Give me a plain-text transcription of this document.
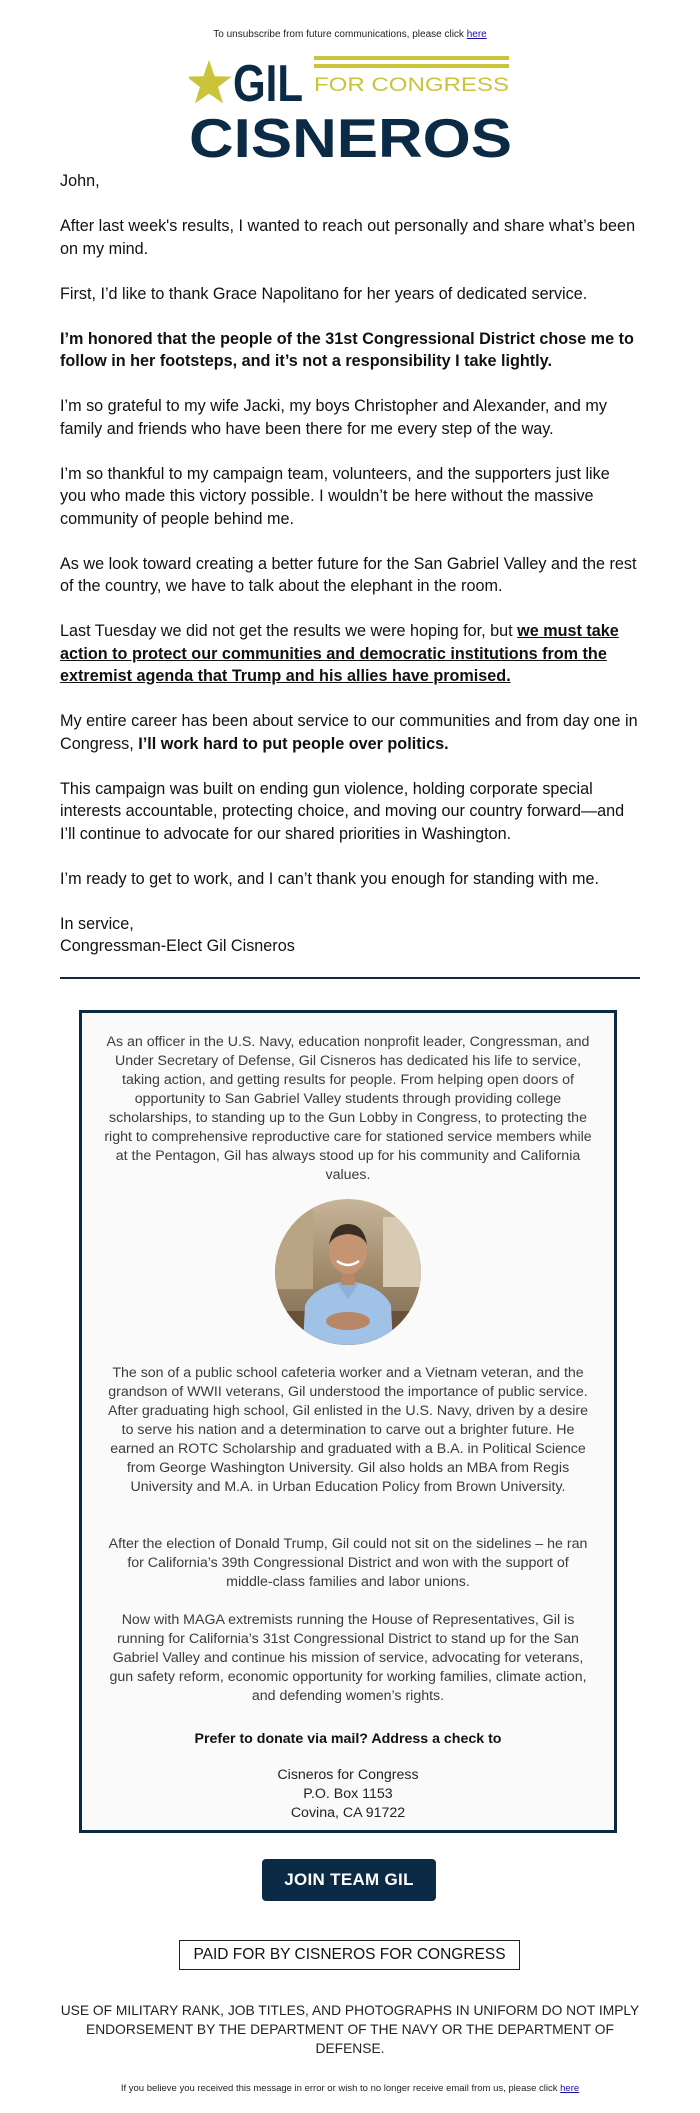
To unsubscribe from future communications, please click here
GIL FOR CONGRESS
CISNEROS

John,

After last week's results, I wanted to reach out personally and share what’s been on my mind.

First, I’d like to thank Grace Napolitano for her years of dedicated service.

I’m honored that the people of the 31st Congressional District chose me to follow in her footsteps, and it’s not a responsibility I take lightly.

I’m so grateful to my wife Jacki, my boys Christopher and Alexander, and my family and friends who have been there for me every step of the way.

I’m so thankful to my campaign team, volunteers, and the supporters just like you who made this victory possible. I wouldn’t be here without the massive community of people behind me.

As we look toward creating a better future for the San Gabriel Valley and the rest of the country, we have to talk about the elephant in the room.

Last Tuesday we did not get the results we were hoping for, but we must take action to protect our communities and democratic institutions from the extremist agenda that Trump and his allies have promised.

My entire career has been about service to our communities and from day one in Congress, I’ll work hard to put people over politics.

This campaign was built on ending gun violence, holding corporate special interests accountable, protecting choice, and moving our country forward—and I’ll continue to advocate for our shared priorities in Washington.

I’m ready to get to work, and I can’t thank you enough for standing with me.

In service,

Congressman-Elect Gil Cisneros

As an officer in the U.S. Navy, education nonprofit leader, Congressman, and Under Secretary of Defense, Gil Cisneros has dedicated his life to service, taking action, and getting results for people. From helping open doors of opportunity to San Gabriel Valley students through providing college scholarships, to standing up to the Gun Lobby in Congress, to protecting the right to comprehensive reproductive care for stationed service members while at the Pentagon, Gil has always stood up for his community and California values.

The son of a public school cafeteria worker and a Vietnam veteran, and the grandson of WWII veterans, Gil understood the importance of public service. After graduating high school, Gil enlisted in the U.S. Navy, driven by a desire to serve his nation and a determination to carve out a brighter future. He earned an ROTC Scholarship and graduated with a B.A. in Political Science from George Washington University. Gil also holds an MBA from Regis University and M.A. in Urban Education Policy from Brown University.

After the election of Donald Trump, Gil could not sit on the sidelines – he ran for California’s 39th Congressional District and won with the support of middle-class families and labor unions.

Now with MAGA extremists running the House of Representatives, Gil is running for California’s 31st Congressional District to stand up for the San Gabriel Valley and continue his mission of service, advocating for veterans, gun safety reform, economic opportunity for working families, climate action, and defending women’s rights.

Prefer to donate via mail? Address a check to

Cisneros for Congress

P.O. Box 1153

Covina, CA 91722

JOIN TEAM GIL
PAID FOR BY CISNEROS FOR CONGRESS
USE OF MILITARY RANK, JOB TITLES, AND PHOTOGRAPHS IN UNIFORM DO NOT IMPLY ENDORSEMENT BY THE DEPARTMENT OF THE NAVY OR THE DEPARTMENT OF DEFENSE.
If you believe you received this message in error or wish to no longer receive email from us, please click here
